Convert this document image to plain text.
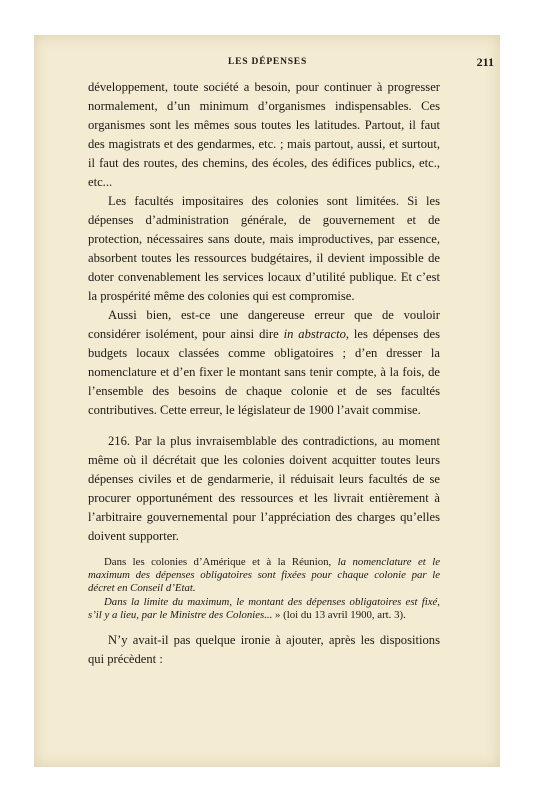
LES DÉPENSES	211

développement, toute société a besoin, pour continuer à progresser normalement, d’un minimum d’organismes indispensables. Ces organismes sont les mêmes sous toutes les latitudes. Partout, il faut des magistrats et des gendarmes, etc. ; mais partout, aussi, et surtout, il faut des routes, des chemins, des écoles, des édifices publics, etc., etc...

Les facultés impositaires des colonies sont limitées. Si les dépenses d’administration générale, de gouvernement et de protection, nécessaires sans doute, mais improductives, par essence, absorbent toutes les ressources budgétaires, il devient impossible de doter convenablement les services locaux d’utilité publique. Et c’est la prospérité même des colonies qui est compromise.

Aussi bien, est-ce une dangereuse erreur que de vouloir considérer isolément, pour ainsi dire in abstracto, les dépenses des budgets locaux classées comme obligatoires ; d’en dresser la nomenclature et d’en fixer le montant sans tenir compte, à la fois, de l’ensemble des besoins de chaque colonie et de ses facultés contributives. Cette erreur, le législateur de 1900 l’avait commise.

216. Par la plus invraisemblable des contradictions, au moment même où il décrétait que les colonies doivent acquitter toutes leurs dépenses civiles et de gendarmerie, il réduisait leurs facultés de se procurer opportunément des ressources et les livrait entièrement à l’arbitraire gouvernemental pour l’appréciation des charges qu’elles doivent supporter.

Dans les colonies d’Amérique et à la Réunion, la nomenclature et le maximum des dépenses obligatoires sont fixées pour chaque colonie par le décret en Conseil d’Etat.

Dans la limite du maximum, le montant des dépenses obligatoires est fixé, s’il y a lieu, par le Ministre des Colonies... » (loi du 13 avril 1900, art. 3).

N’y avait-il pas quelque ironie à ajouter, après les dispositions qui précèdent :
